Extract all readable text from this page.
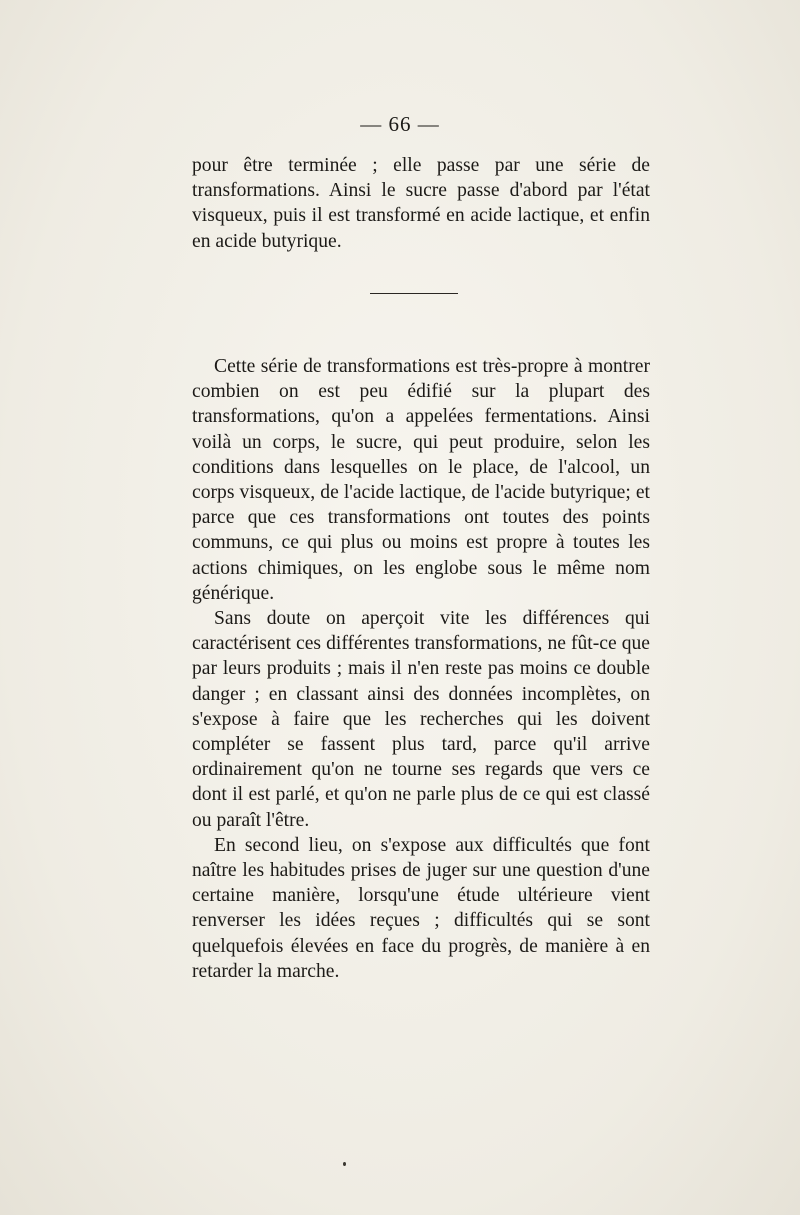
— 66 —

pour être terminée ; elle passe par une série de transformations. Ainsi le sucre passe d'abord par l'état visqueux, puis il est transformé en acide lactique, et enfin en acide butyrique.

Cette série de transformations est très-propre à montrer combien on est peu édifié sur la plupart des transformations, qu'on a appelées fermentations. Ainsi voilà un corps, le sucre, qui peut produire, selon les conditions dans lesquelles on le place, de l'alcool, un corps visqueux, de l'acide lactique, de l'acide butyrique; et parce que ces transformations ont toutes des points communs, ce qui plus ou moins est propre à toutes les actions chimiques, on les englobe sous le même nom générique.

Sans doute on aperçoit vite les différences qui caractérisent ces différentes transformations, ne fût-ce que par leurs produits ; mais il n'en reste pas moins ce double danger ; en classant ainsi des données incomplètes, on s'expose à faire que les recherches qui les doivent compléter se fassent plus tard, parce qu'il arrive ordinairement qu'on ne tourne ses regards que vers ce dont il est parlé, et qu'on ne parle plus de ce qui est classé ou paraît l'être.

En second lieu, on s'expose aux difficultés que font naître les habitudes prises de juger sur une question d'une certaine manière, lorsqu'une étude ultérieure vient renverser les idées reçues ; difficultés qui se sont quelquefois élevées en face du progrès, de manière à en retarder la marche.
